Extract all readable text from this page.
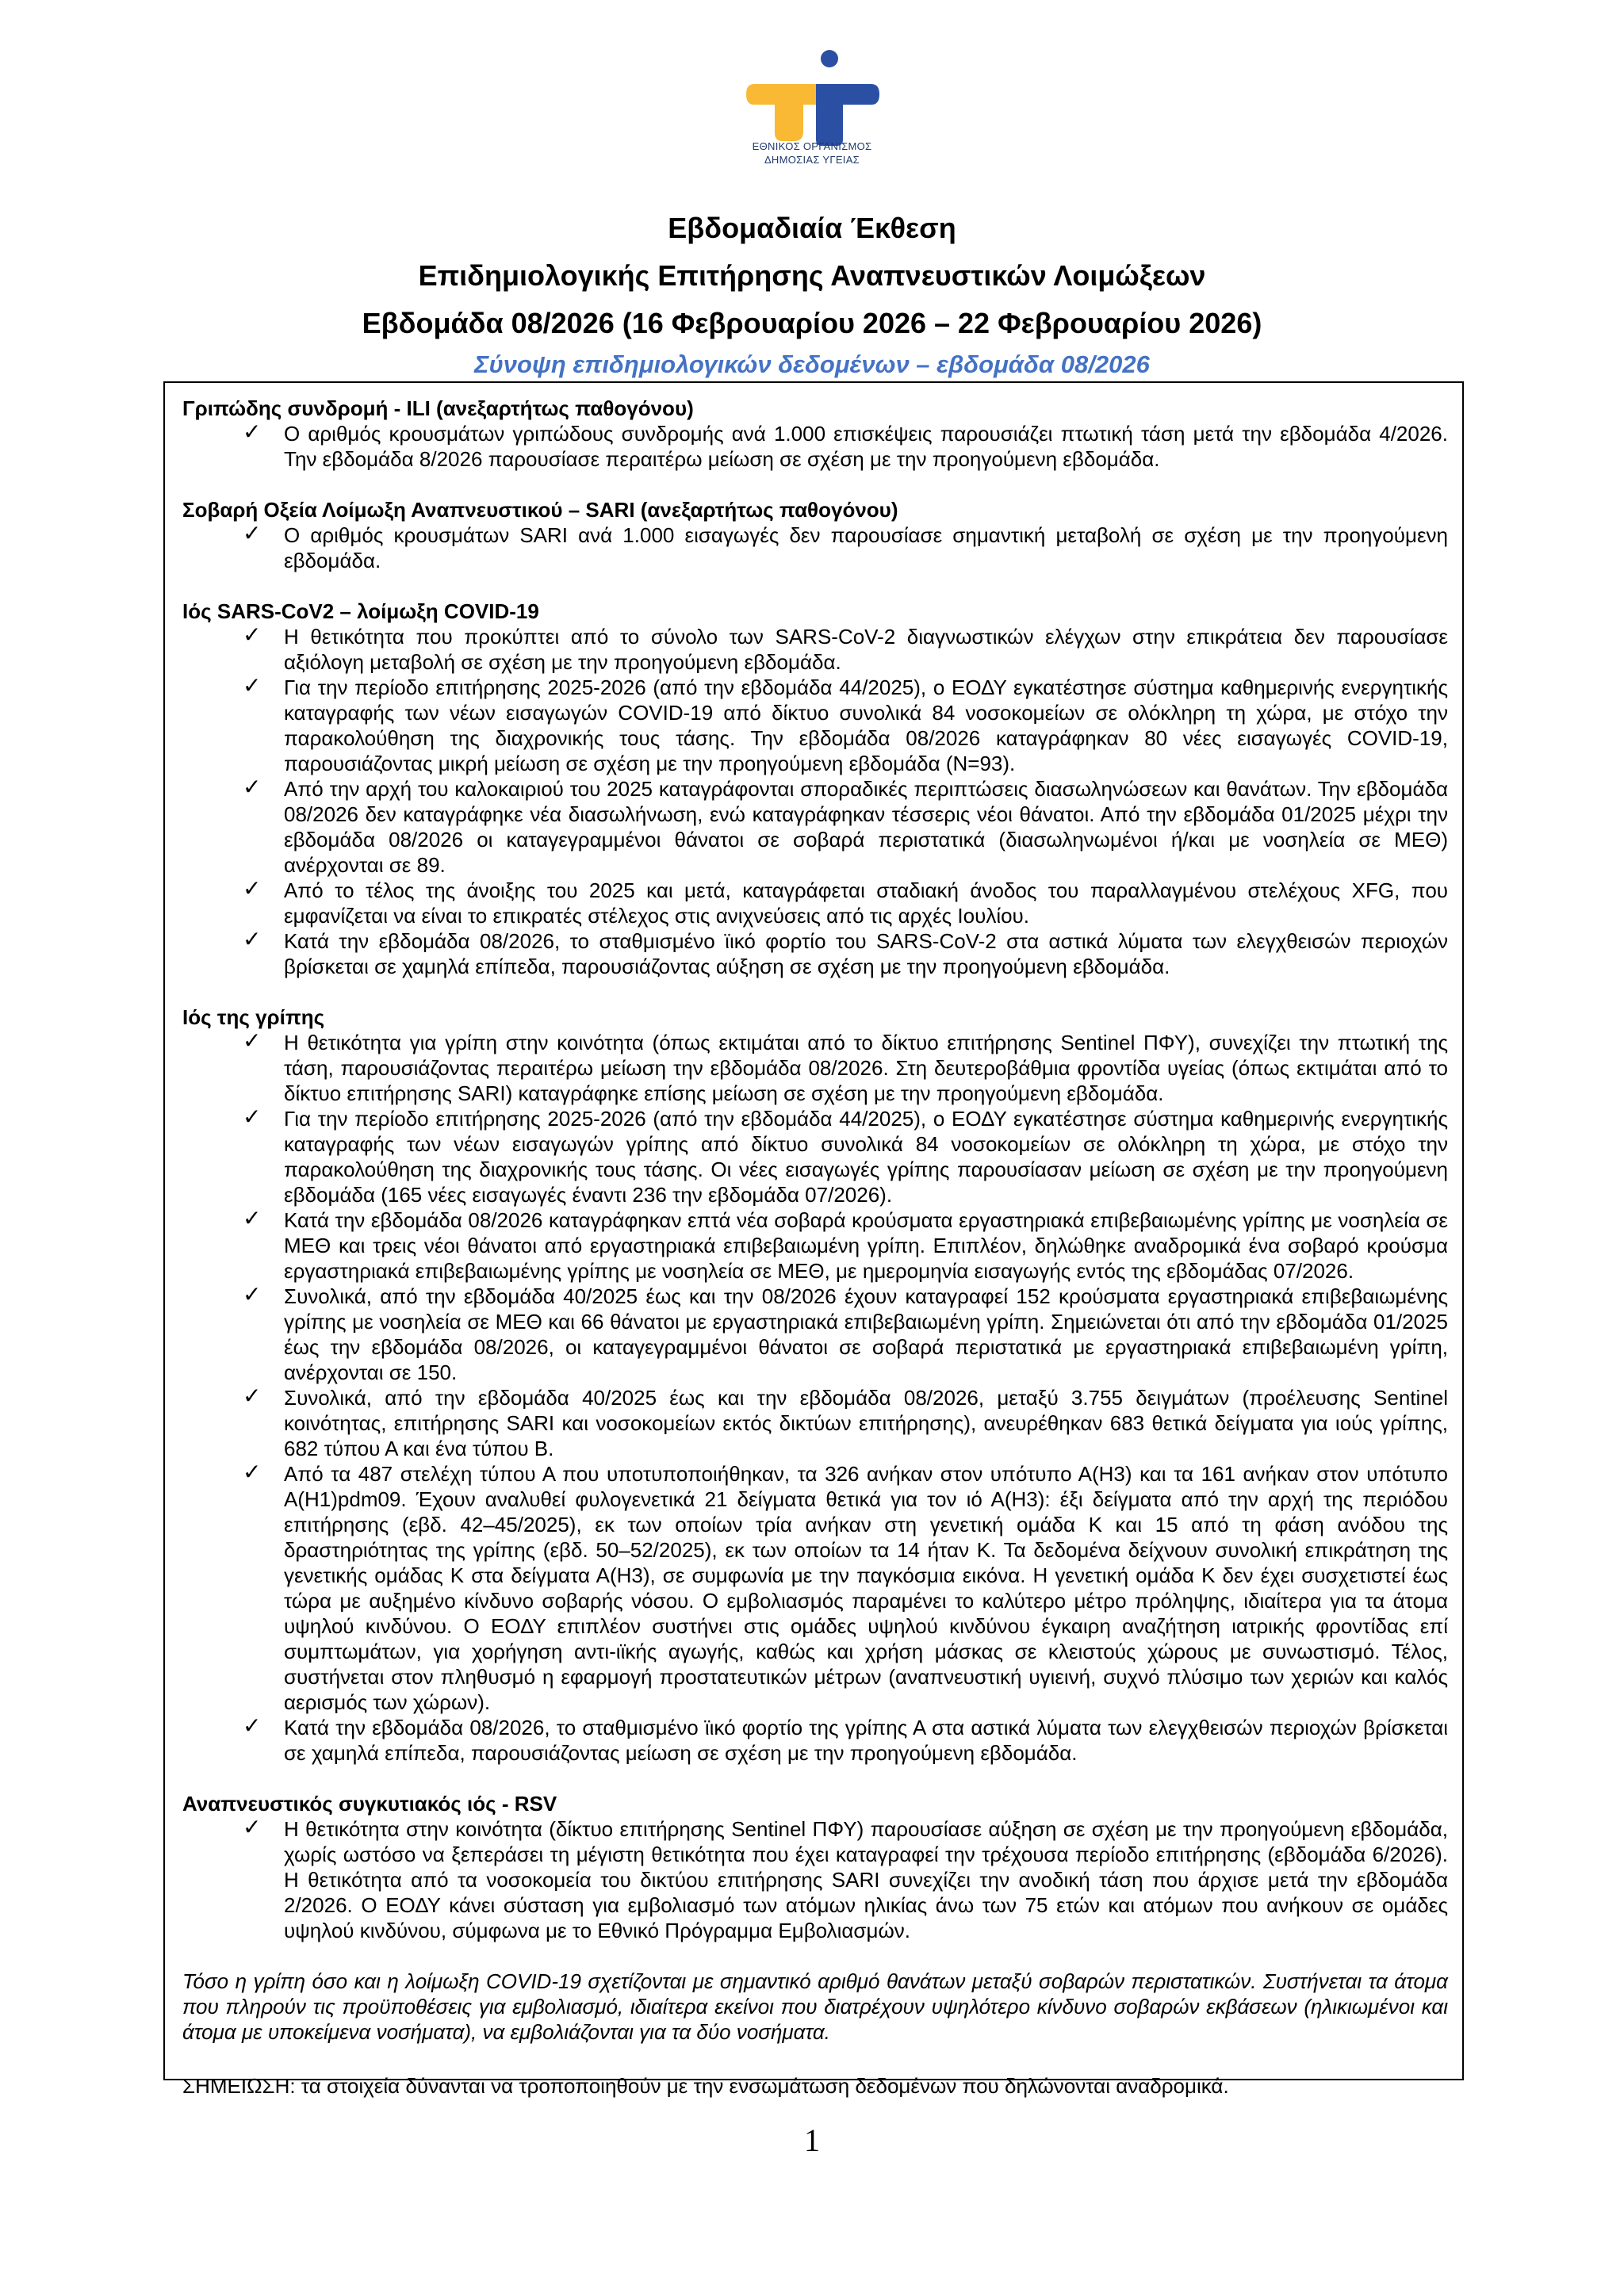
ΕΘΝΙΚΟΣ ΟΡΓΑΝΙΣΜΟΣ
ΔΗΜΟΣΙΑΣ ΥΓΕΙΑΣ
Εβδομαδιαία Έκθεση
Επιδημιολογικής Επιτήρησης Αναπνευστικών Λοιμώξεων
Εβδομάδα 08/2026 (16 Φεβρουαρίου 2026 – 22 Φεβρουαρίου 2026)
Σύνοψη επιδημιολογικών δεδομένων – εβδομάδα 08/2026

Γριπώδης συνδρομή - ILI (ανεξαρτήτως παθογόνου)

✓ Ο αριθμός κρουσμάτων γριπώδους συνδρομής ανά 1.000 επισκέψεις παρουσιάζει πτωτική τάση μετά την εβδομάδα 4/2026. Την εβδομάδα 8/2026 παρουσίασε περαιτέρω μείωση σε σχέση με την προηγούμενη εβδομάδα.

Σοβαρή Οξεία Λοίμωξη Αναπνευστικού – SARI (ανεξαρτήτως παθογόνου)

✓ Ο αριθμός κρουσμάτων SARI ανά 1.000 εισαγωγές δεν παρουσίασε σημαντική μεταβολή σε σχέση με την προηγούμενη εβδομάδα.

Ιός SARS-CoV2 – λοίμωξη COVID-19

✓ Η θετικότητα που προκύπτει από το σύνολο των SARS-CoV-2 διαγνωστικών ελέγχων στην επικράτεια δεν παρουσίασε αξιόλογη μεταβολή σε σχέση με την προηγούμενη εβδομάδα.
✓ Για την περίοδο επιτήρησης 2025-2026 (από την εβδομάδα 44/2025), ο ΕΟΔΥ εγκατέστησε σύστημα καθημερινής ενεργητικής καταγραφής των νέων εισαγωγών COVID-19 από δίκτυο συνολικά 84 νοσοκομείων σε ολόκληρη τη χώρα, με στόχο την παρακολούθηση της διαχρονικής τους τάσης. Την εβδομάδα 08/2026 καταγράφηκαν 80 νέες εισαγωγές COVID-19, παρουσιάζοντας μικρή μείωση σε σχέση με την προηγούμενη εβδομάδα (Ν=93).
✓ Από την αρχή του καλοκαιριού του 2025 καταγράφονται σποραδικές περιπτώσεις διασωληνώσεων και θανάτων. Την εβδομάδα 08/2026 δεν καταγράφηκε νέα διασωλήνωση, ενώ καταγράφηκαν τέσσερις νέοι θάνατοι. Από την εβδομάδα 01/2025 μέχρι την εβδομάδα 08/2026 οι καταγεγραμμένοι θάνατοι σε σοβαρά περιστατικά (διασωληνωμένοι ή/και με νοσηλεία σε ΜΕΘ) ανέρχονται σε 89.
✓ Από το τέλος της άνοιξης του 2025 και μετά, καταγράφεται σταδιακή άνοδος του παραλλαγμένου στελέχους XFG, που εμφανίζεται να είναι το επικρατές στέλεχος στις ανιχνεύσεις από τις αρχές Ιουλίου.
✓ Κατά την εβδομάδα 08/2026, το σταθμισμένο ϊικό φορτίο του SARS-CoV-2 στα αστικά λύματα των ελεγχθεισών περιοχών βρίσκεται σε χαμηλά επίπεδα, παρουσιάζοντας αύξηση σε σχέση με την προηγούμενη εβδομάδα.

Ιός της γρίπης

✓ Η θετικότητα για γρίπη στην κοινότητα (όπως εκτιμάται από το δίκτυο επιτήρησης Sentinel ΠΦΥ), συνεχίζει την πτωτική της τάση, παρουσιάζοντας περαιτέρω μείωση την εβδομάδα 08/2026. Στη δευτεροβάθμια φροντίδα υγείας (όπως εκτιμάται από το δίκτυο επιτήρησης SARI) καταγράφηκε επίσης μείωση σε σχέση με την προηγούμενη εβδομάδα.
✓ Για την περίοδο επιτήρησης 2025-2026 (από την εβδομάδα 44/2025), ο ΕΟΔΥ εγκατέστησε σύστημα καθημερινής ενεργητικής καταγραφής των νέων εισαγωγών γρίπης από δίκτυο συνολικά 84 νοσοκομείων σε ολόκληρη τη χώρα, με στόχο την παρακολούθηση της διαχρονικής τους τάσης. Οι νέες εισαγωγές γρίπης παρουσίασαν μείωση σε σχέση με την προηγούμενη εβδομάδα (165 νέες εισαγωγές έναντι 236 την εβδομάδα 07/2026).
✓ Κατά την εβδομάδα 08/2026 καταγράφηκαν επτά νέα σοβαρά κρούσματα εργαστηριακά επιβεβαιωμένης γρίπης με νοσηλεία σε ΜΕΘ και τρεις νέοι θάνατοι από εργαστηριακά επιβεβαιωμένη γρίπη. Επιπλέον, δηλώθηκε αναδρομικά ένα σοβαρό κρούσμα εργαστηριακά επιβεβαιωμένης γρίπης με νοσηλεία σε ΜΕΘ, με ημερομηνία εισαγωγής εντός της εβδομάδας 07/2026.
✓ Συνολικά, από την εβδομάδα 40/2025 έως και την 08/2026 έχουν καταγραφεί 152 κρούσματα εργαστηριακά επιβεβαιωμένης γρίπης με νοσηλεία σε ΜΕΘ και 66 θάνατοι με εργαστηριακά επιβεβαιωμένη γρίπη. Σημειώνεται ότι από την εβδομάδα 01/2025 έως την εβδομάδα 08/2026, οι καταγεγραμμένοι θάνατοι σε σοβαρά περιστατικά με εργαστηριακά επιβεβαιωμένη γρίπη, ανέρχονται σε 150.
✓ Συνολικά, από την εβδομάδα 40/2025 έως και την εβδομάδα 08/2026, μεταξύ 3.755 δειγμάτων (προέλευσης Sentinel κοινότητας, επιτήρησης SARI και νοσοκομείων εκτός δικτύων επιτήρησης), ανευρέθηκαν 683 θετικά δείγματα για ιούς γρίπης, 682 τύπου Α και ένα τύπου Β.
✓ Από τα 487 στελέχη τύπου Α που υποτυποποιήθηκαν, τα 326 ανήκαν στον υπότυπο Α(Η3) και τα 161 ανήκαν στον υπότυπο Α(Η1)pdm09. Έχουν αναλυθεί φυλογενετικά 21 δείγματα θετικά για τον ιό Α(Η3): έξι δείγματα από την αρχή της περιόδου επιτήρησης (εβδ. 42–45/2025), εκ των οποίων τρία ανήκαν στη γενετική ομάδα Κ και 15 από τη φάση ανόδου της δραστηριότητας της γρίπης (εβδ. 50–52/2025), εκ των οποίων τα 14 ήταν Κ. Τα δεδομένα δείχνουν συνολική επικράτηση της γενετικής ομάδας Κ στα δείγματα Α(Η3), σε συμφωνία με την παγκόσμια εικόνα. Η γενετική ομάδα Κ δεν έχει συσχετιστεί έως τώρα με αυξημένο κίνδυνο σοβαρής νόσου. Ο εμβολιασμός παραμένει το καλύτερο μέτρο πρόληψης, ιδιαίτερα για τα άτομα υψηλού κινδύνου. Ο ΕΟΔΥ επιπλέον συστήνει στις ομάδες υψηλού κινδύνου έγκαιρη αναζήτηση ιατρικής φροντίδας επί συμπτωμάτων, για χορήγηση αντι-ιϊκής αγωγής, καθώς και χρήση μάσκας σε κλειστούς χώρους με συνωστισμό. Τέλος, συστήνεται στον πληθυσμό η εφαρμογή προστατευτικών μέτρων (αναπνευστική υγιεινή, συχνό πλύσιμο των χεριών και καλός αερισμός των χώρων).
✓ Κατά την εβδομάδα 08/2026, το σταθμισμένο ϊικό φορτίο της γρίπης Α στα αστικά λύματα των ελεγχθεισών περιοχών βρίσκεται σε χαμηλά επίπεδα, παρουσιάζοντας μείωση σε σχέση με την προηγούμενη εβδομάδα.

Αναπνευστικός συγκυτιακός ιός - RSV

✓ Η θετικότητα στην κοινότητα (δίκτυο επιτήρησης Sentinel ΠΦΥ) παρουσίασε αύξηση σε σχέση με την προηγούμενη εβδομάδα, χωρίς ωστόσο να ξεπεράσει τη μέγιστη θετικότητα που έχει καταγραφεί την τρέχουσα περίοδο επιτήρησης (εβδομάδα 6/2026). Η θετικότητα από τα νοσοκομεία του δικτύου επιτήρησης SARI συνεχίζει την ανοδική τάση που άρχισε μετά την εβδομάδα 2/2026. Ο ΕΟΔΥ κάνει σύσταση για εμβολιασμό των ατόμων ηλικίας άνω των 75 ετών και ατόμων που ανήκουν σε ομάδες υψηλού κινδύνου, σύμφωνα με το Εθνικό Πρόγραμμα Εμβολιασμών.

Τόσο η γρίπη όσο και η λοίμωξη COVID-19 σχετίζονται με σημαντικό αριθμό θανάτων μεταξύ σοβαρών περιστατικών. Συστήνεται τα άτομα που πληρούν τις προϋποθέσεις για εμβολιασμό, ιδιαίτερα εκείνοι που διατρέχουν υψηλότερο κίνδυνο σοβαρών εκβάσεων (ηλικιωμένοι και άτομα με υποκείμενα νοσήματα), να εμβολιάζονται για τα δύο νοσήματα.

ΣΗΜΕΙΩΣΗ: τα στοιχεία δύνανται να τροποποιηθούν με την ενσωμάτωση δεδομένων που δηλώνονται αναδρομικά.

1
